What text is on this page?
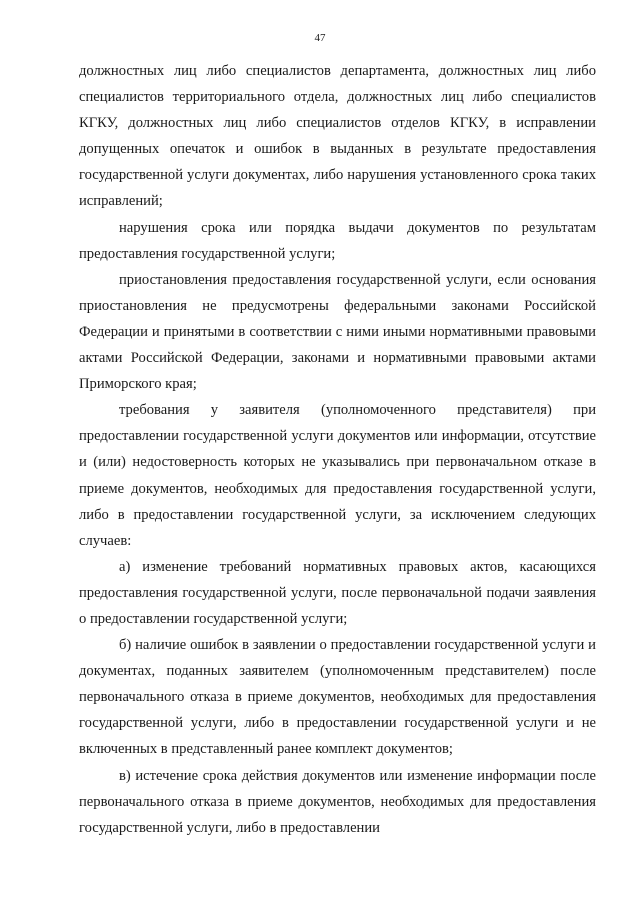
47

должностных лиц либо специалистов департамента, должностных лиц либо специалистов территориального отдела, должностных лиц либо специалистов КГКУ, должностных лиц либо специалистов отделов КГКУ, в исправлении допущенных опечаток и ошибок в выданных в результате предоставления государственной услуги документах, либо нарушения установленного срока таких исправлений;

нарушения срока или порядка выдачи документов по результатам предоставления государственной услуги;

приостановления предоставления государственной услуги, если основания приостановления не предусмотрены федеральными законами Российской Федерации и принятыми в соответствии с ними иными нормативными правовыми актами Российской Федерации, законами и нормативными правовыми актами Приморского края;

требования у заявителя (уполномоченного представителя) при предоставлении государственной услуги документов или информации, отсутствие и (или) недостоверность которых не указывались при первоначальном отказе в приеме документов, необходимых для предоставления государственной услуги, либо в предоставлении государственной услуги, за исключением следующих случаев:

а) изменение требований нормативных правовых актов, касающихся предоставления государственной услуги, после первоначальной подачи заявления о предоставлении государственной услуги;

б) наличие ошибок в заявлении о предоставлении государственной услуги и документах, поданных заявителем (уполномоченным представителем) после первоначального отказа в приеме документов, необходимых для предоставления государственной услуги, либо в предоставлении государственной услуги и не включенных в представленный ранее комплект документов;

в) истечение срока действия документов или изменение информации после первоначального отказа в приеме документов, необходимых для предоставления государственной услуги, либо в предоставлении
